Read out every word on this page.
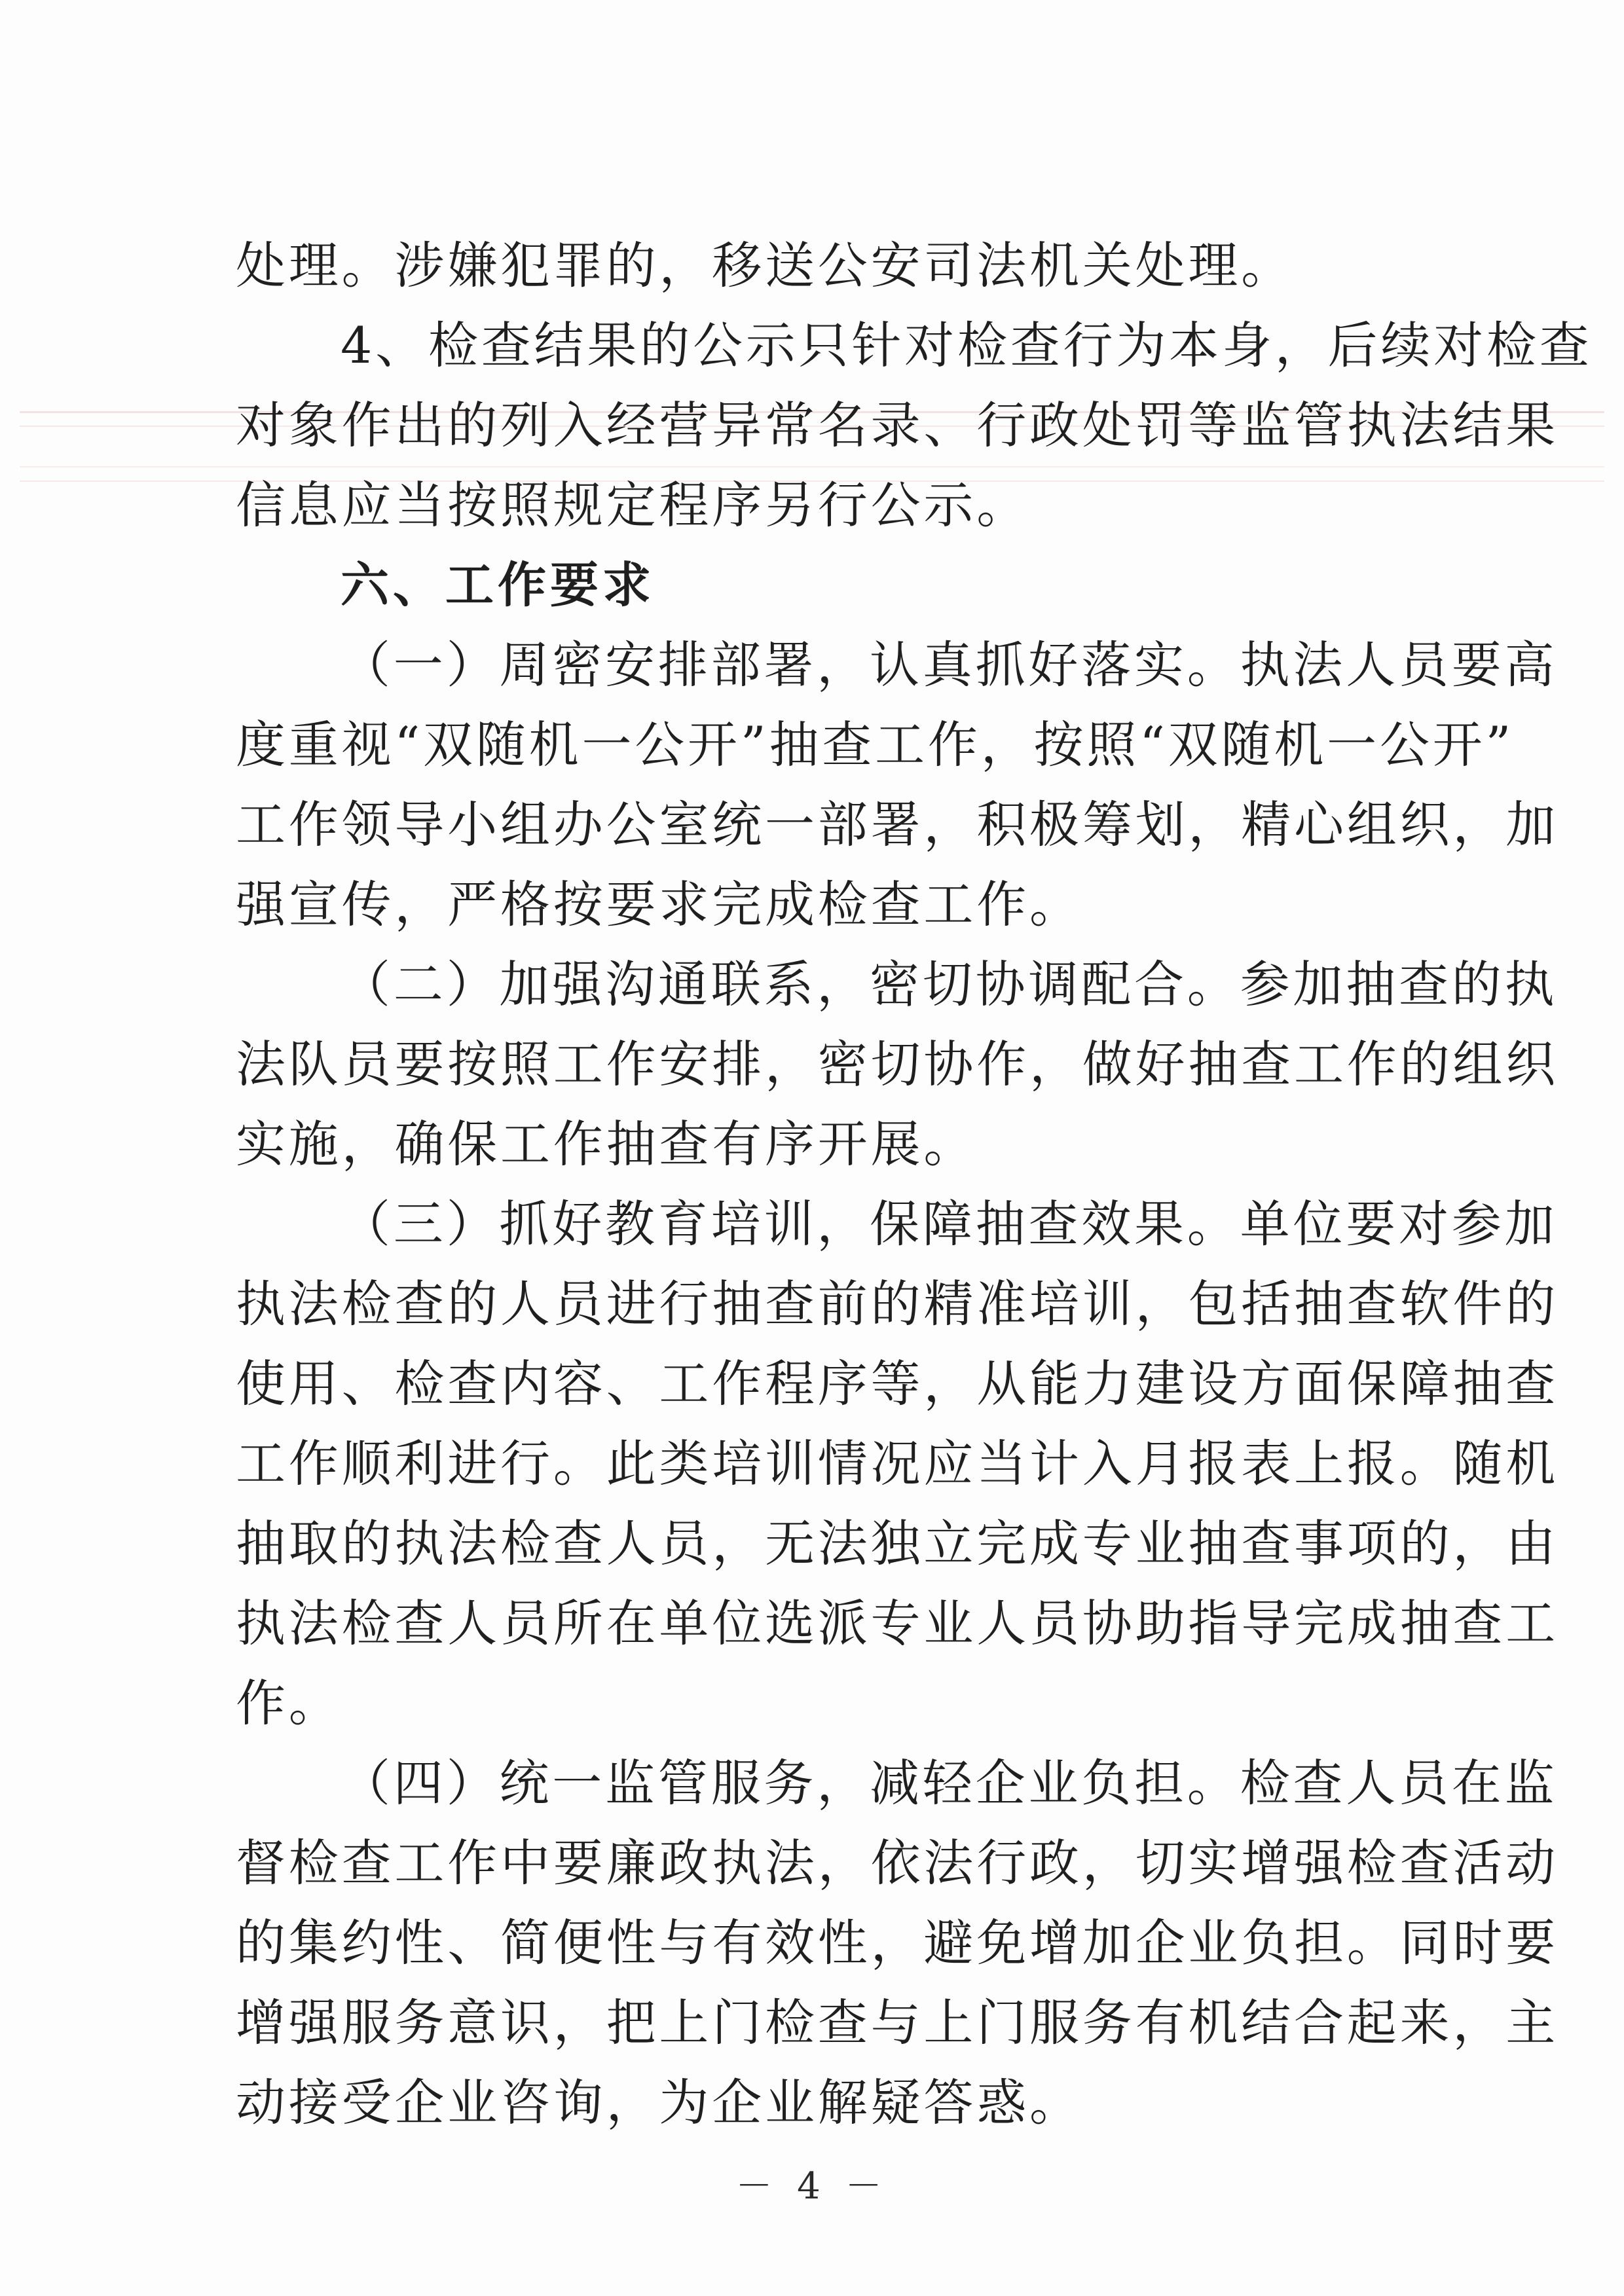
处理。涉嫌犯罪的，移送公安司法机关处理。
4、检查结果的公示只针对检查行为本身，后续对检查
对象作出的列入经营异常名录、行政处罚等监管执法结果
信息应当按照规定程序另行公示。
六、工作要求
（一）周密安排部署，认真抓好落实。执法人员要高
度重视“双随机一公开”抽查工作，按照“双随机一公开”
工作领导小组办公室统一部署，积极筹划，精心组织，加
强宣传，严格按要求完成检查工作。
（二）加强沟通联系，密切协调配合。参加抽查的执
法队员要按照工作安排，密切协作，做好抽查工作的组织
实施，确保工作抽查有序开展。
（三）抓好教育培训，保障抽查效果。单位要对参加
执法检查的人员进行抽查前的精准培训，包括抽查软件的
使用、检查内容、工作程序等，从能力建设方面保障抽查
工作顺利进行。此类培训情况应当计入月报表上报。随机
抽取的执法检查人员，无法独立完成专业抽查事项的，由
执法检查人员所在单位选派专业人员协助指导完成抽查工
作。
（四）统一监管服务，减轻企业负担。检查人员在监
督检查工作中要廉政执法，依法行政，切实增强检查活动
的集约性、简便性与有效性，避免增加企业负担。同时要
增强服务意识，把上门检查与上门服务有机结合起来，主
动接受企业咨询，为企业解疑答惑。
－ 4 －
